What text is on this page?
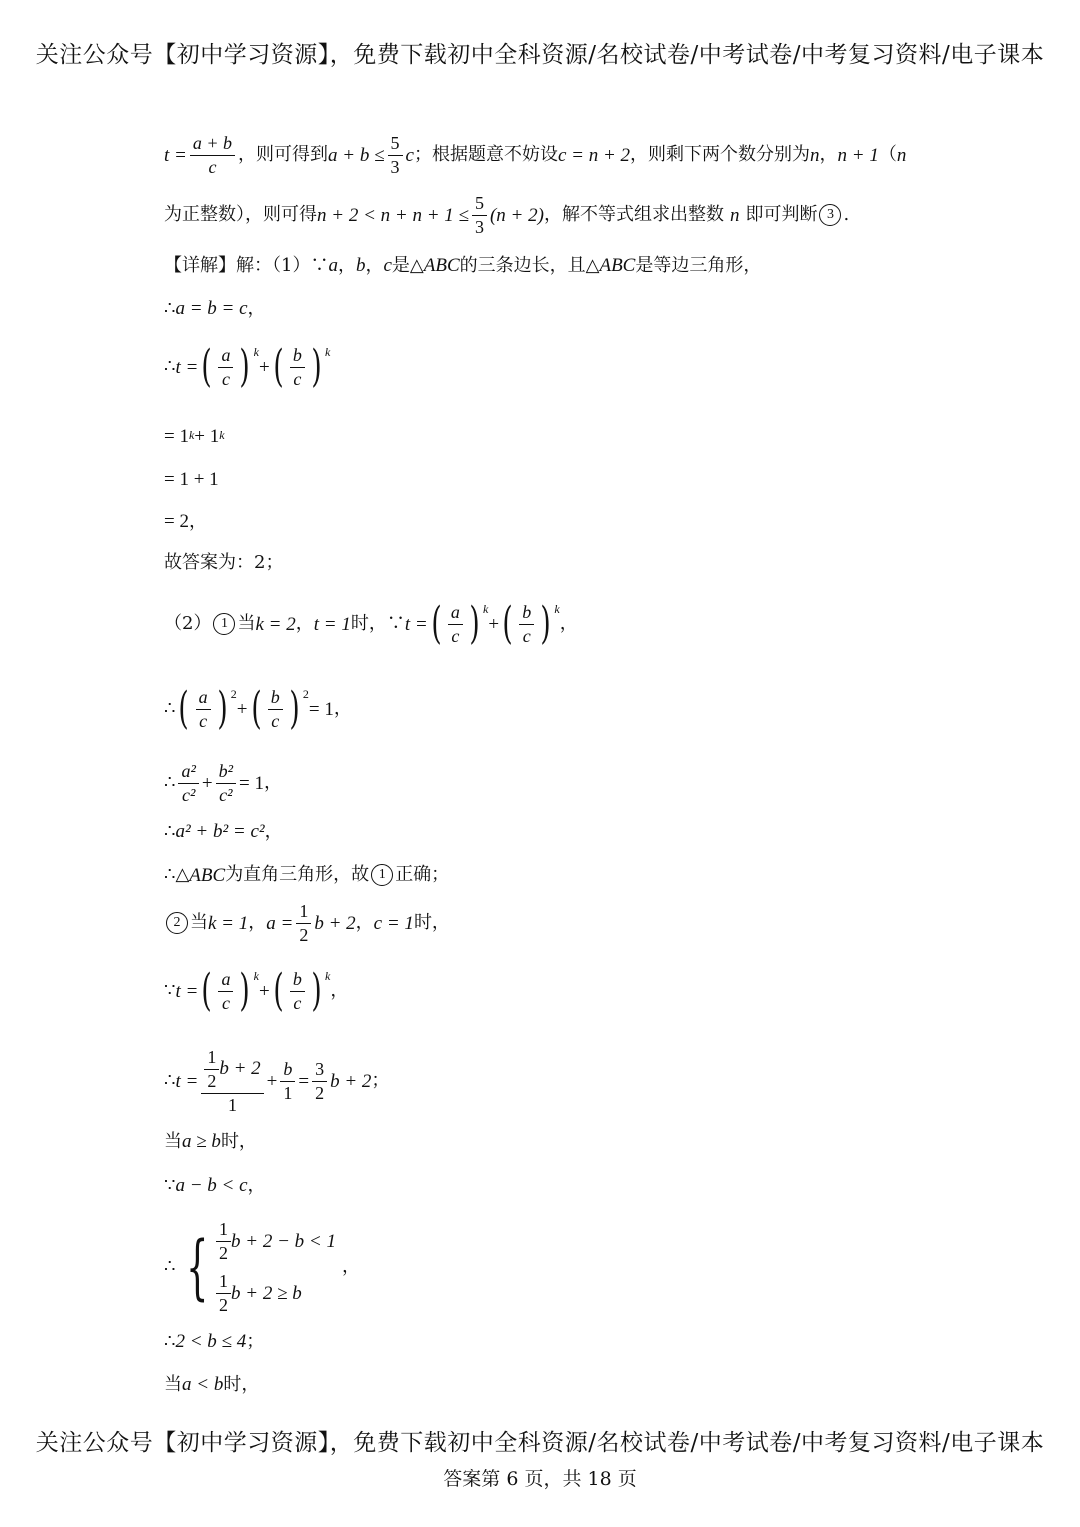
关注公众号【初中学习资源】，免费下载初中全科资源/名校试卷/中考试卷/中考复习资料/电子课本
$t = \frac{a + b}{c}$ ，则可得到 $a + b \le \frac{5}{3}$ c ；根据题意不妨设 c = n + 2 ，则剩下两个数分别为 n ， n + 1 （ n
为正整数），则可得 $n + 2 < n + n + 1 \le \frac{5}{3} (n + 2)$ ，解不等式组求出整数 n 即可判断 3 .
【详解】解：（1）∵ a ， b ， c 是△ ABC 的三条边长，且△ ABC 是等边三角形，
∴ a = b = c ，
∴ t = ( $\frac{a}{c}$ ) k
+ ( $\frac{b}{c}$ ) k
= 1 k + 1 k
= 1 + 1
= 2 ，
故答案为：2；
（2） 1 当 k = 2 ， t = 1 时，∵ t = ( $\frac{a}{c}$ ) k
+ ( $\frac{b}{c}$ ) k
，
∴ ( $\frac{a}{c}$ ) 2
+ ( $\frac{b}{c}$ ) 2
= 1 ，
∴ $\frac{\text{a²}}{\text{c²}} + \frac{\text{b²}}{\text{c²}} = 1$ ，
∴ a² + b² = c² ，
∴△ ABC 为直角三角形，故 1 正确；
2 当 k = 1 ， $a = \frac{1}{2}$ b + 2 ， c = 1 时，
∵ t = ( $\frac{a}{c}$ ) k
+ ( $\frac{b}{c}$ ) k
，
∴ $t = \frac{\frac{1}{2} b + 2}{1} + \frac{b}{1} = \frac{3}{2}$ b + 2 ；
当 a ≥ b 时，
∵ a − b < c ，
∴ { $\frac{1}{2}$ b + 2 − b < 1
$\frac{1}{2}$ b + 2 ≥ b
，
∴ 2 < b ≤ 4 ；
当 a < b 时，
关注公众号【初中学习资源】，免费下载初中全科资源/名校试卷/中考试卷/中考复习资料/电子课本
答案第 6 页，共 18 页
